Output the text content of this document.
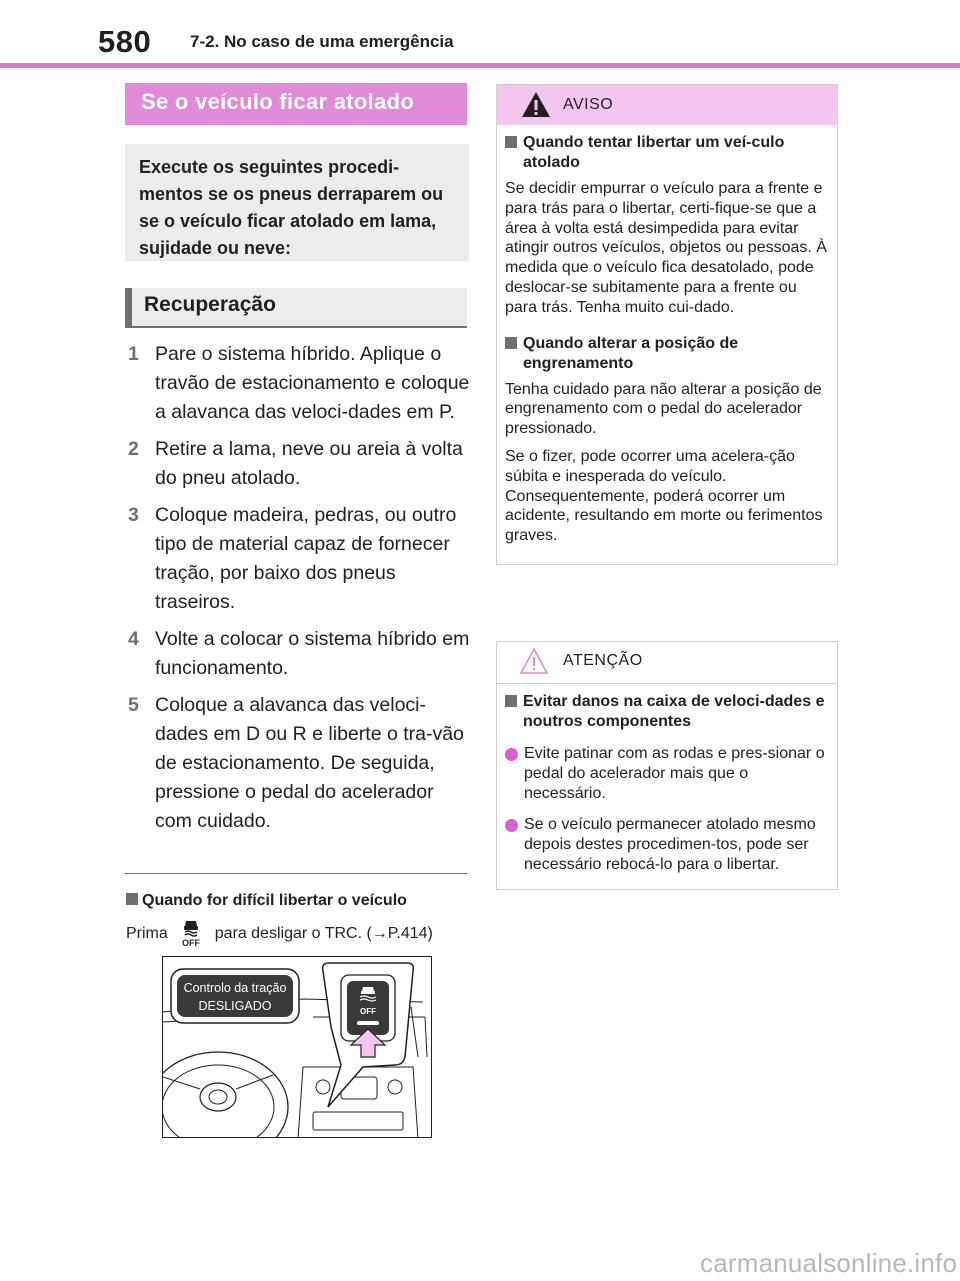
580 7-2. No caso de uma emergência
Se o veículo ficar atolado
Execute os seguintes procedi-mentos se os pneus derraparem ou se o veículo ficar atolado em lama, sujidade ou neve:
Recuperação
1 Pare o sistema híbrido. Aplique o travão de estacionamento e coloque a alavanca das veloci-dades em P.
2 Retire a lama, neve ou areia à volta do pneu atolado.
3 Coloque madeira, pedras, ou outro tipo de material capaz de fornecer tração, por baixo dos pneus traseiros.
4 Volte a colocar o sistema híbrido em funcionamento.
5 Coloque a alavanca das veloci-dades em D ou R e liberte o tra-vão de estacionamento. De seguida, pressione o pedal do acelerador com cuidado.
Quando for difícil libertar o veículo
Prima
OFF
para desligar o TRC. (→P.414)
Controlo da tração
DESLIGADO	OFF
AVISO
Quando tentar libertar um veí-culo atolado

Se decidir empurrar o veículo para a frente e para trás para o libertar, certi-fique-se que a área à volta está desimpedida para evitar atingir outros veículos, objetos ou pessoas. À medida que o veículo fica desatolado, pode deslocar-se subitamente para a frente ou para trás. Tenha muito cui-dado.

Quando alterar a posição de engrenamento

Tenha cuidado para não alterar a posição de engrenamento com o pedal do acelerador pressionado.

Se o fizer, pode ocorrer uma acelera-ção súbita e inesperada do veículo. Consequentemente, poderá ocorrer um acidente, resultando em morte ou ferimentos graves.

ATENÇÃO
Evitar danos na caixa de veloci-dades e noutros componentes
Evite patinar com as rodas e pres-sionar o pedal do acelerador mais que o necessário.
Se o veículo permanecer atolado mesmo depois destes procedimen-tos, pode ser necessário rebocá-lo para o libertar.
carmanualsonline.info
